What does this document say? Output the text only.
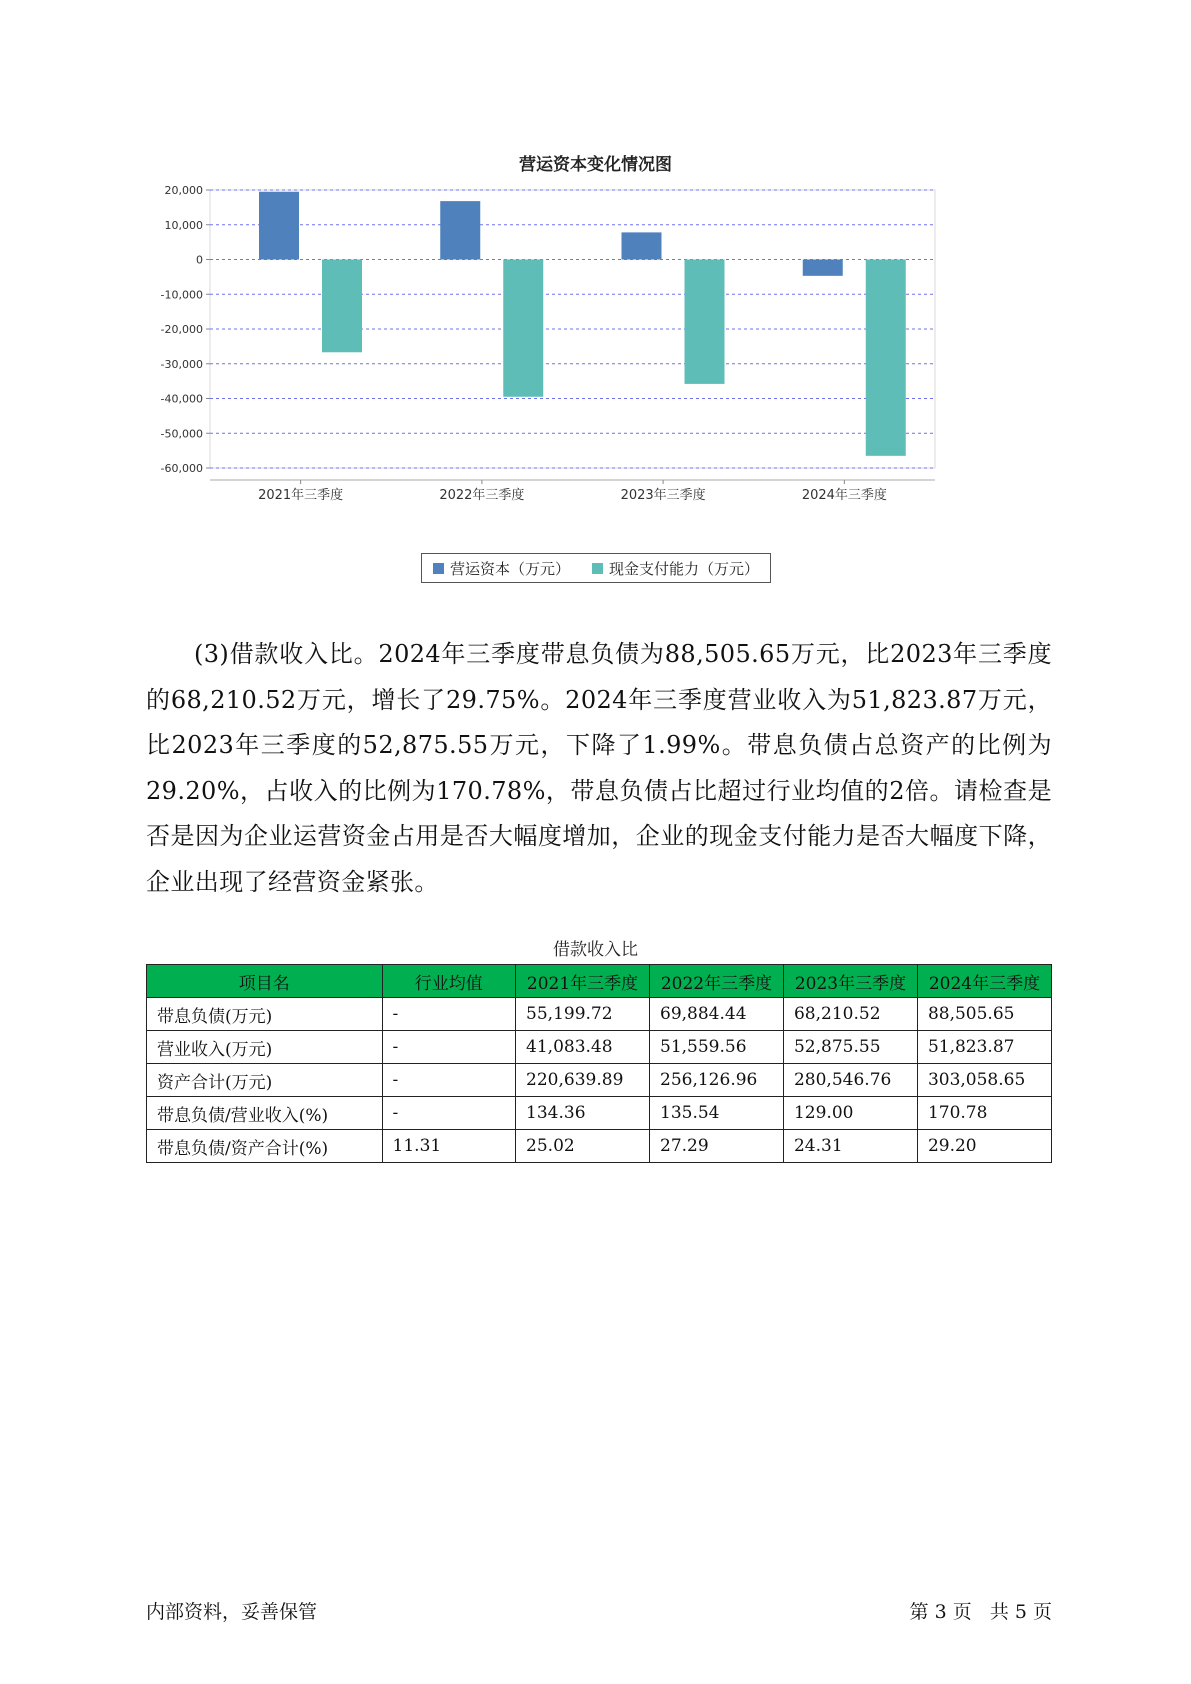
营运资本变化情况图
20,000
10,000
0
-10,000
-20,000
-30,000
-40,000
-50,000
-60,000
2021年三季度	2022年三季度	2023年三季度	2024年三季度
营运资本（万元）	现金支付能力（万元）

(3)借款收入比。2024年三季度带息负债为88,505.65万元，比2023年三季度的68,210.52万元，增长了29.75%。2024年三季度营业收入为51,823.87万元，比2023年三季度的52,875.55万元，下降了1.99%。带息负债占总资产的比例为29.20%，占收入的比例为170.78%，带息负债占比超过行业均值的2倍。请检查是否是因为企业运营资金占用是否大幅度增加，企业的现金支付能力是否大幅度下降，企业出现了经营资金紧张。

借款收入比
项目名	行业均值	2021年三季度	2022年三季度	2023年三季度	2024年三季度
带息负债(万元)	-	55,199.72	69,884.44	68,210.52	88,505.65
营业收入(万元)	-	41,083.48	51,559.56	52,875.55	51,823.87
资产合计(万元)	-	220,639.89	256,126.96	280,546.76	303,058.65
带息负债/营业收入(%)	-	134.36	135.54	129.00	170.78
带息负债/资产合计(%)	11.31	25.02	27.29	24.31	29.20
内部资料，妥善保管	第 3 页   共 5 页
